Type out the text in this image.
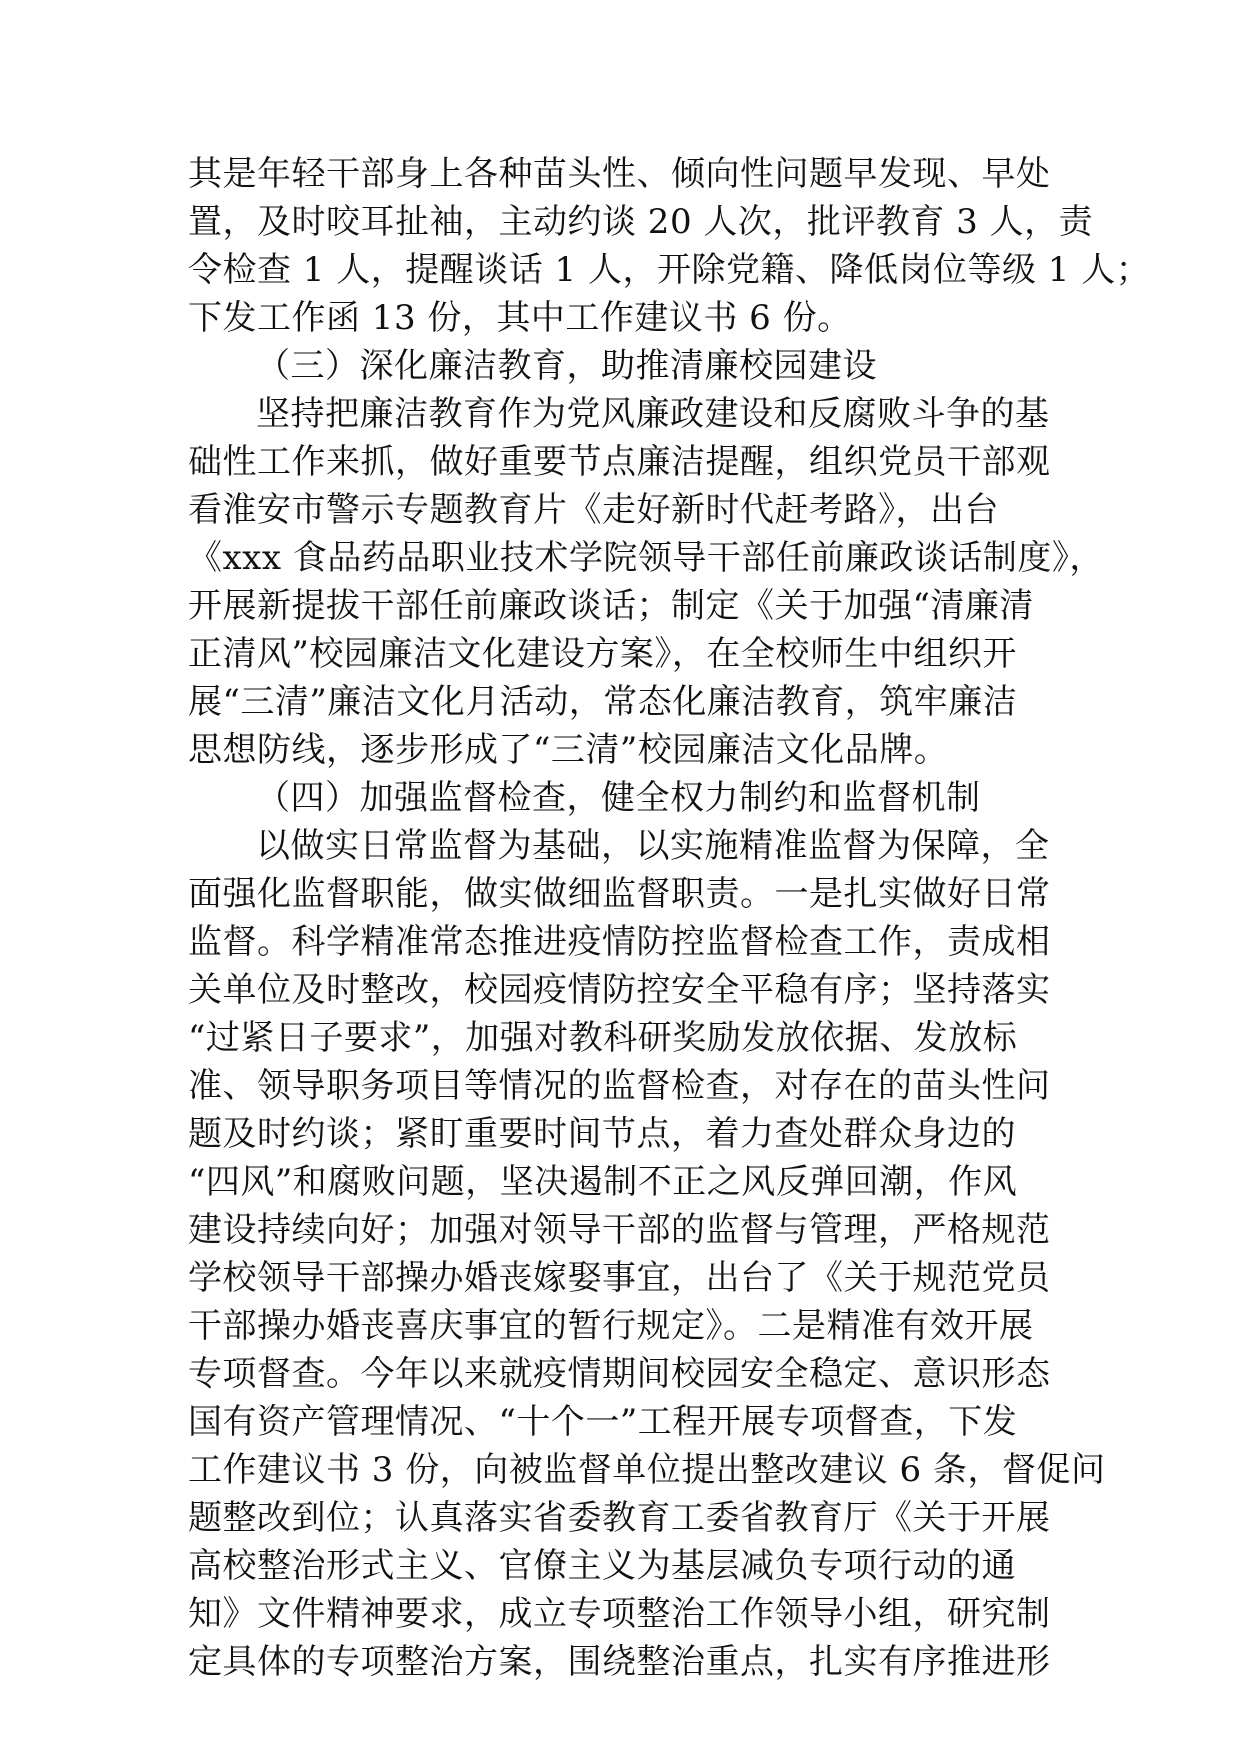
其是年轻干部身上各种苗头性、倾向性问题早发现、早处
置，及时咬耳扯袖，主动约谈 20 人次，批评教育 3 人，责
令检查 1 人，提醒谈话 1 人，开除党籍、降低岗位等级 1 人；
下发工作函 13 份，其中工作建议书 6 份。
（三）深化廉洁教育，助推清廉校园建设
坚持把廉洁教育作为党风廉政建设和反腐败斗争的基
础性工作来抓，做好重要节点廉洁提醒，组织党员干部观
看淮安市警示专题教育片《走好新时代赶考路》，出台
《xxx 食品药品职业技术学院领导干部任前廉政谈话制度》，
开展新提拔干部任前廉政谈话；制定《关于加强“清廉清
正清风”校园廉洁文化建设方案》，在全校师生中组织开
展“三清”廉洁文化月活动，常态化廉洁教育，筑牢廉洁
思想防线，逐步形成了“三清”校园廉洁文化品牌。
（四）加强监督检查，健全权力制约和监督机制
以做实日常监督为基础，以实施精准监督为保障，全
面强化监督职能，做实做细监督职责。一是扎实做好日常
监督。科学精准常态推进疫情防控监督检查工作，责成相
关单位及时整改，校园疫情防控安全平稳有序；坚持落实
“过紧日子要求”，加强对教科研奖励发放依据、发放标
准、领导职务项目等情况的监督检查，对存在的苗头性问
题及时约谈；紧盯重要时间节点，着力查处群众身边的
“四风”和腐败问题，坚决遏制不正之风反弹回潮，作风
建设持续向好；加强对领导干部的监督与管理，严格规范
学校领导干部操办婚丧嫁娶事宜，出台了《关于规范党员
干部操办婚丧喜庆事宜的暂行规定》。二是精准有效开展
专项督查。今年以来就疫情期间校园安全稳定、意识形态
国有资产管理情况、“十个一”工程开展专项督查，下发
工作建议书 3 份，向被监督单位提出整改建议 6 条，督促问
题整改到位；认真落实省委教育工委省教育厅《关于开展
高校整治形式主义、官僚主义为基层减负专项行动的通
知》文件精神要求，成立专项整治工作领导小组，研究制
定具体的专项整治方案，围绕整治重点，扎实有序推进形
